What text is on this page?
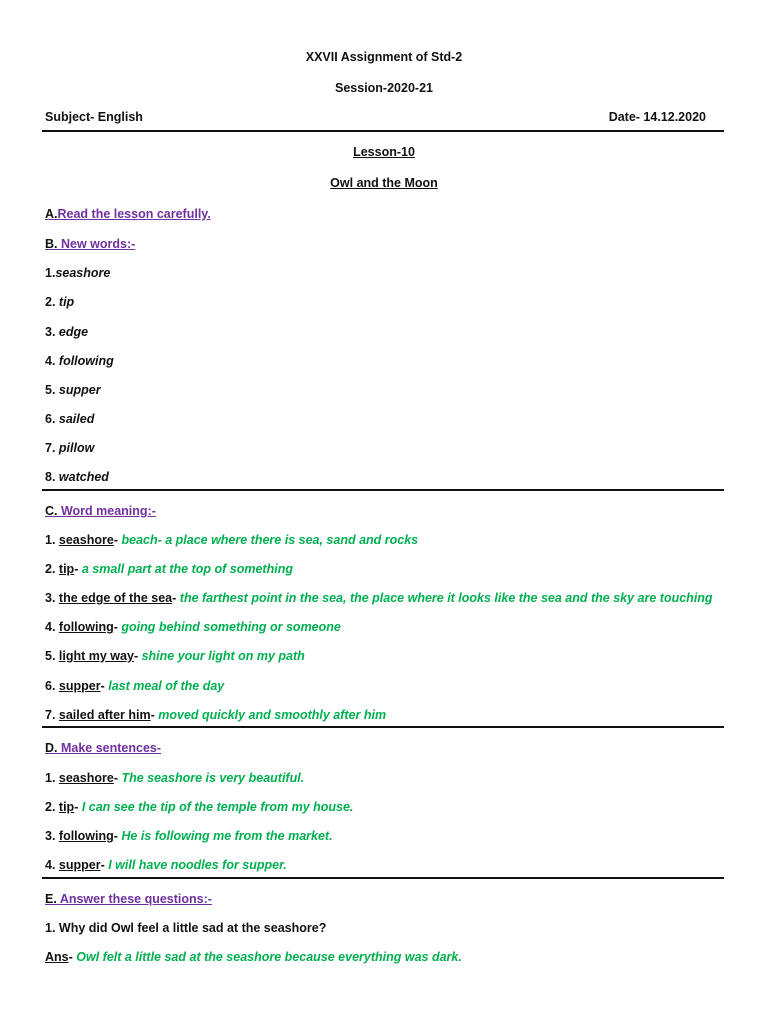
XXVII Assignment of Std-2
Session-2020-21
Subject- English	Date- 14.12.2020
Lesson-10
Owl and the Moon
A.Read the lesson carefully.
B. New words:-
1.seashore
2. tip
3. edge
4. following
5. supper
6. sailed
7. pillow
8. watched
C. Word meaning:-
1. seashore- beach- a place where there is sea, sand and rocks
2. tip- a small part at the top of something
3. the edge of the sea- the farthest point in the sea, the place where it looks like the sea and the sky are touching
4. following- going behind something or someone
5. light my way- shine your light on my path
6. supper- last meal of the day
7. sailed after him- moved quickly and smoothly after him
D. Make sentences-
1. seashore- The seashore is very beautiful.
2. tip- I can see the tip of the temple from my house.
3. following- He is following me from the market.
4. supper- I will have noodles for supper.
E. Answer these questions:-
1. Why did Owl feel a little sad at the seashore?
Ans- Owl felt a little sad at the seashore because everything was dark.
